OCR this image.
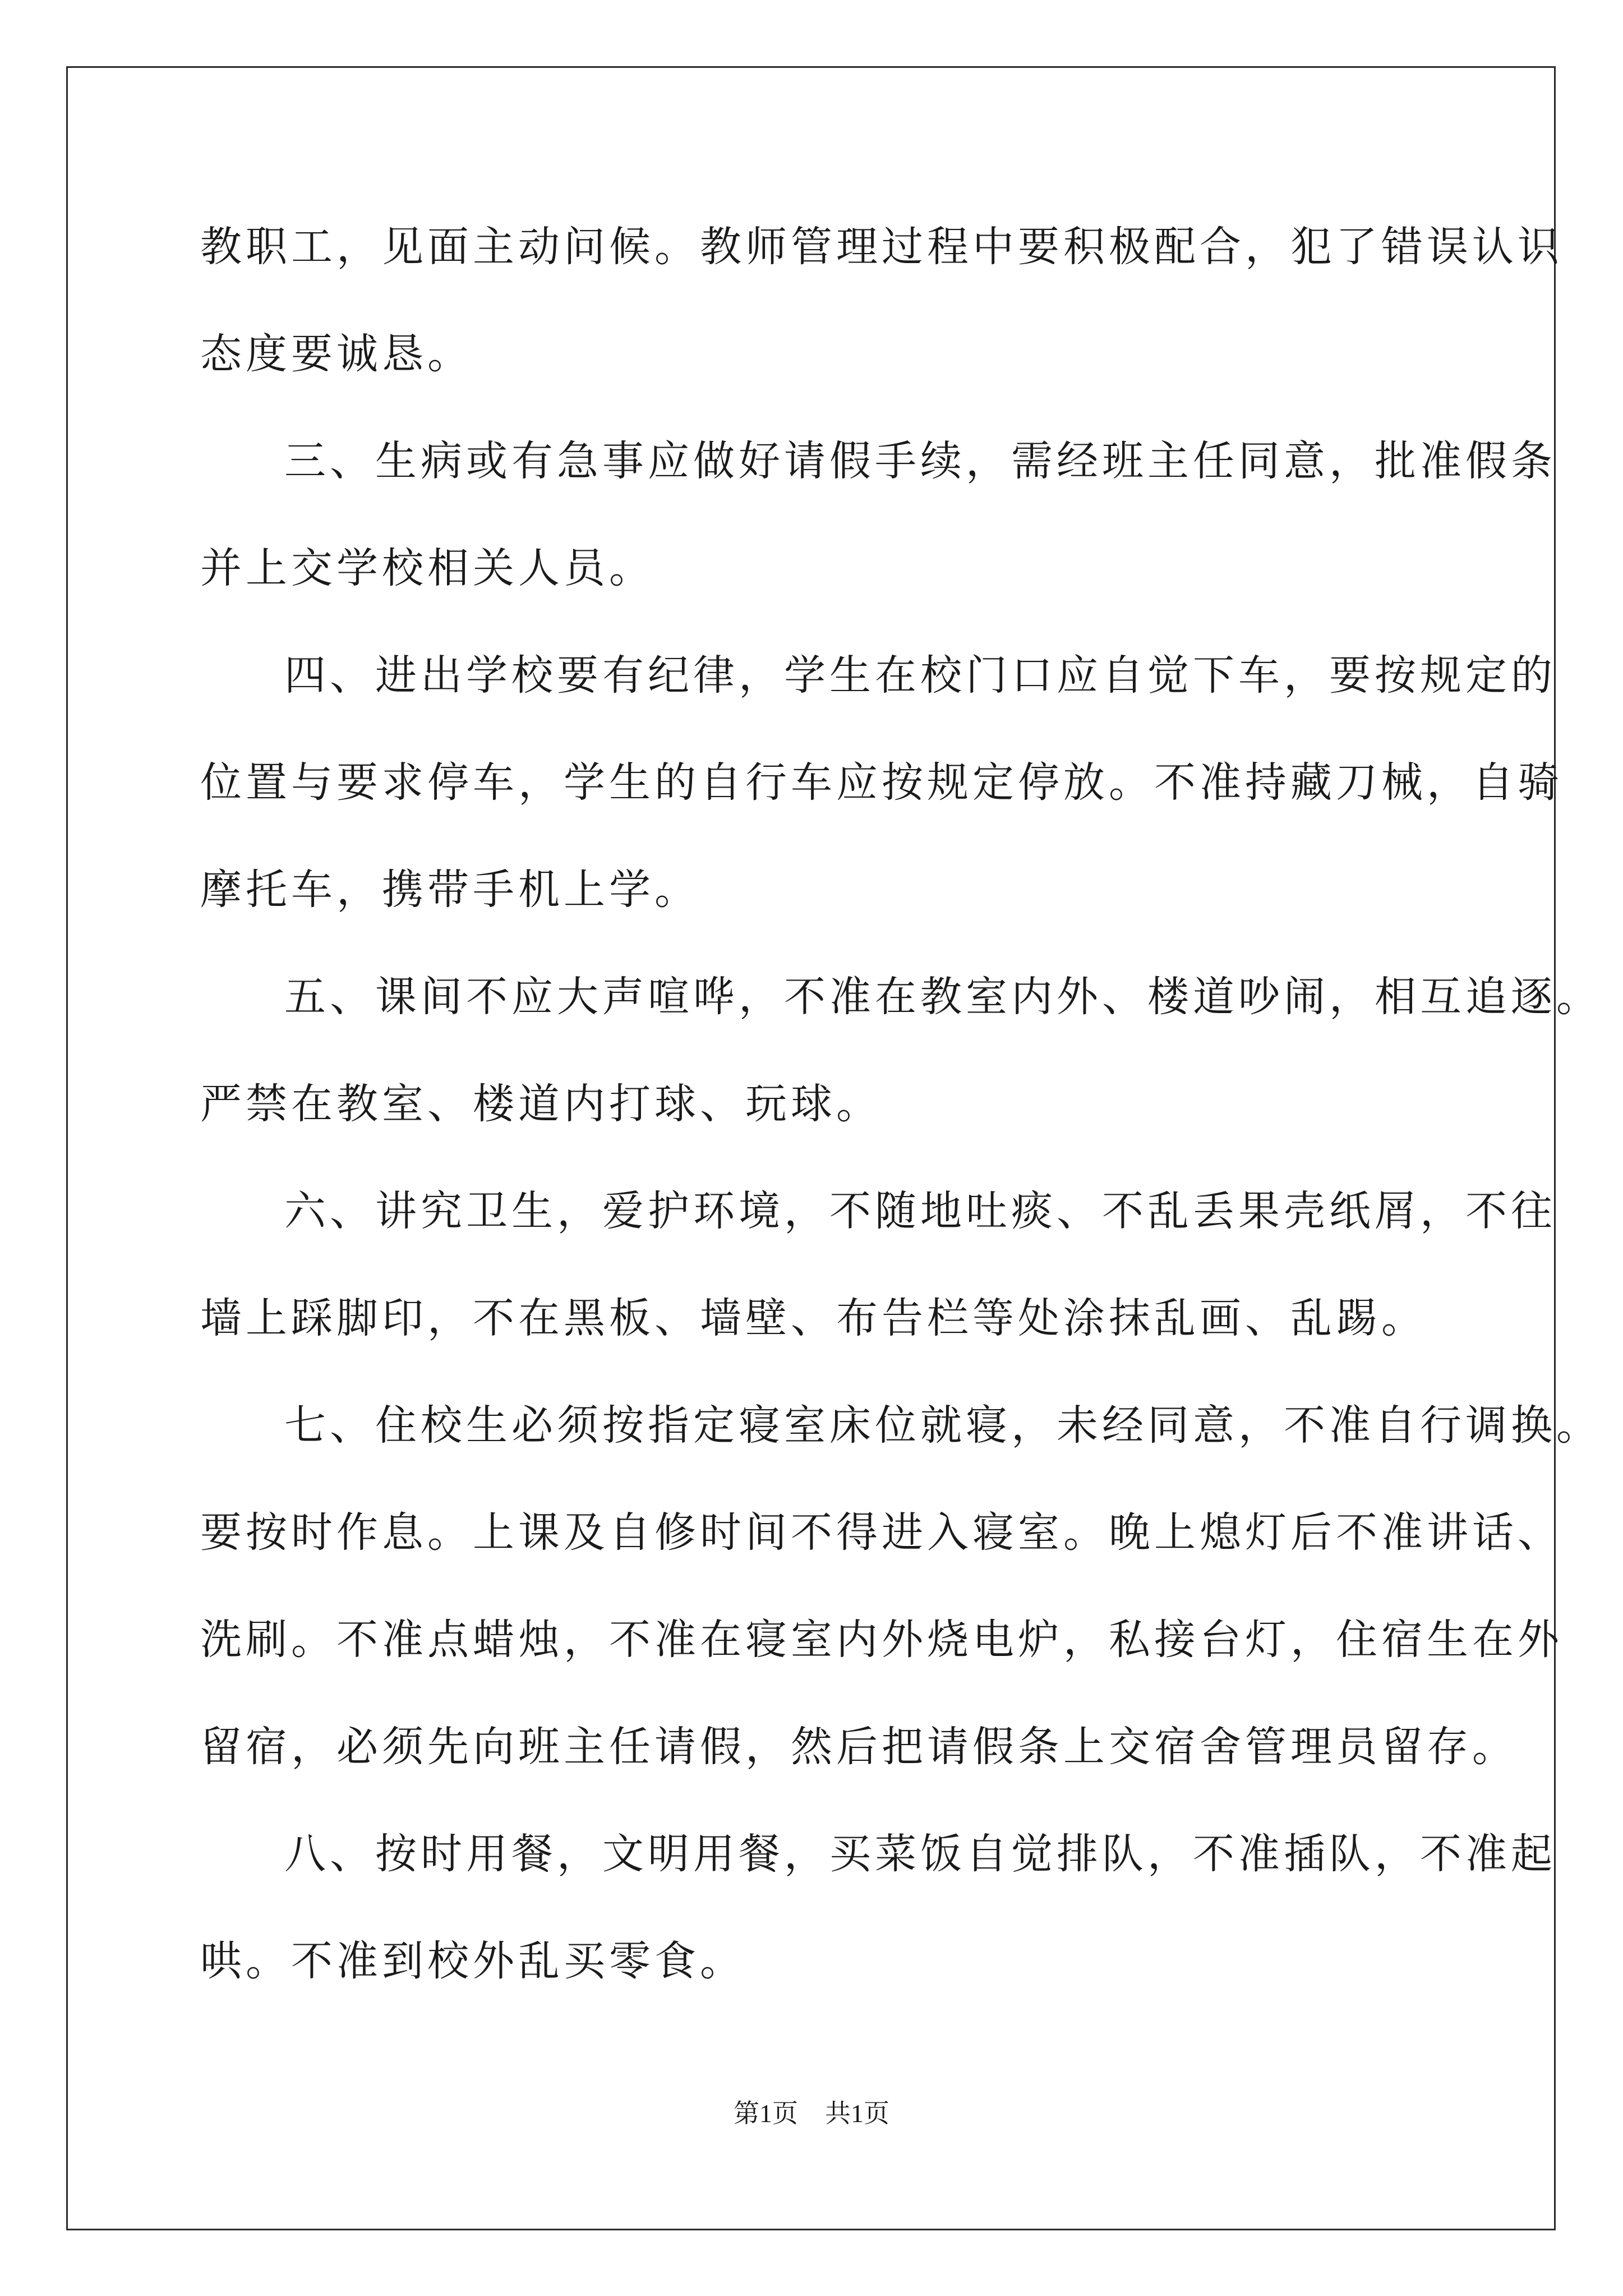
教职工，见面主动问候。教师管理过程中要积极配合，犯了错误认识
态度要诚恳。
三、生病或有急事应做好请假手续，需经班主任同意，批准假条
并上交学校相关人员。
四、进出学校要有纪律，学生在校门口应自觉下车，要按规定的
位置与要求停车，学生的自行车应按规定停放。不准持藏刀械，自骑
摩托车，携带手机上学。
五、课间不应大声喧哗，不准在教室内外、楼道吵闹，相互追逐。
严禁在教室、楼道内打球、玩球。
六、讲究卫生，爱护环境，不随地吐痰、不乱丢果壳纸屑，不往
墙上踩脚印，不在黑板、墙壁、布告栏等处涂抹乱画、乱踢。
七、住校生必须按指定寝室床位就寝，未经同意，不准自行调换。
要按时作息。上课及自修时间不得进入寝室。晚上熄灯后不准讲话、
洗刷。不准点蜡烛，不准在寝室内外烧电炉，私接台灯，住宿生在外
留宿，必须先向班主任请假，然后把请假条上交宿舍管理员留存。
八、按时用餐，文明用餐，买菜饭自觉排队，不准插队，不准起
哄。不准到校外乱买零食。
第1页 共1页
